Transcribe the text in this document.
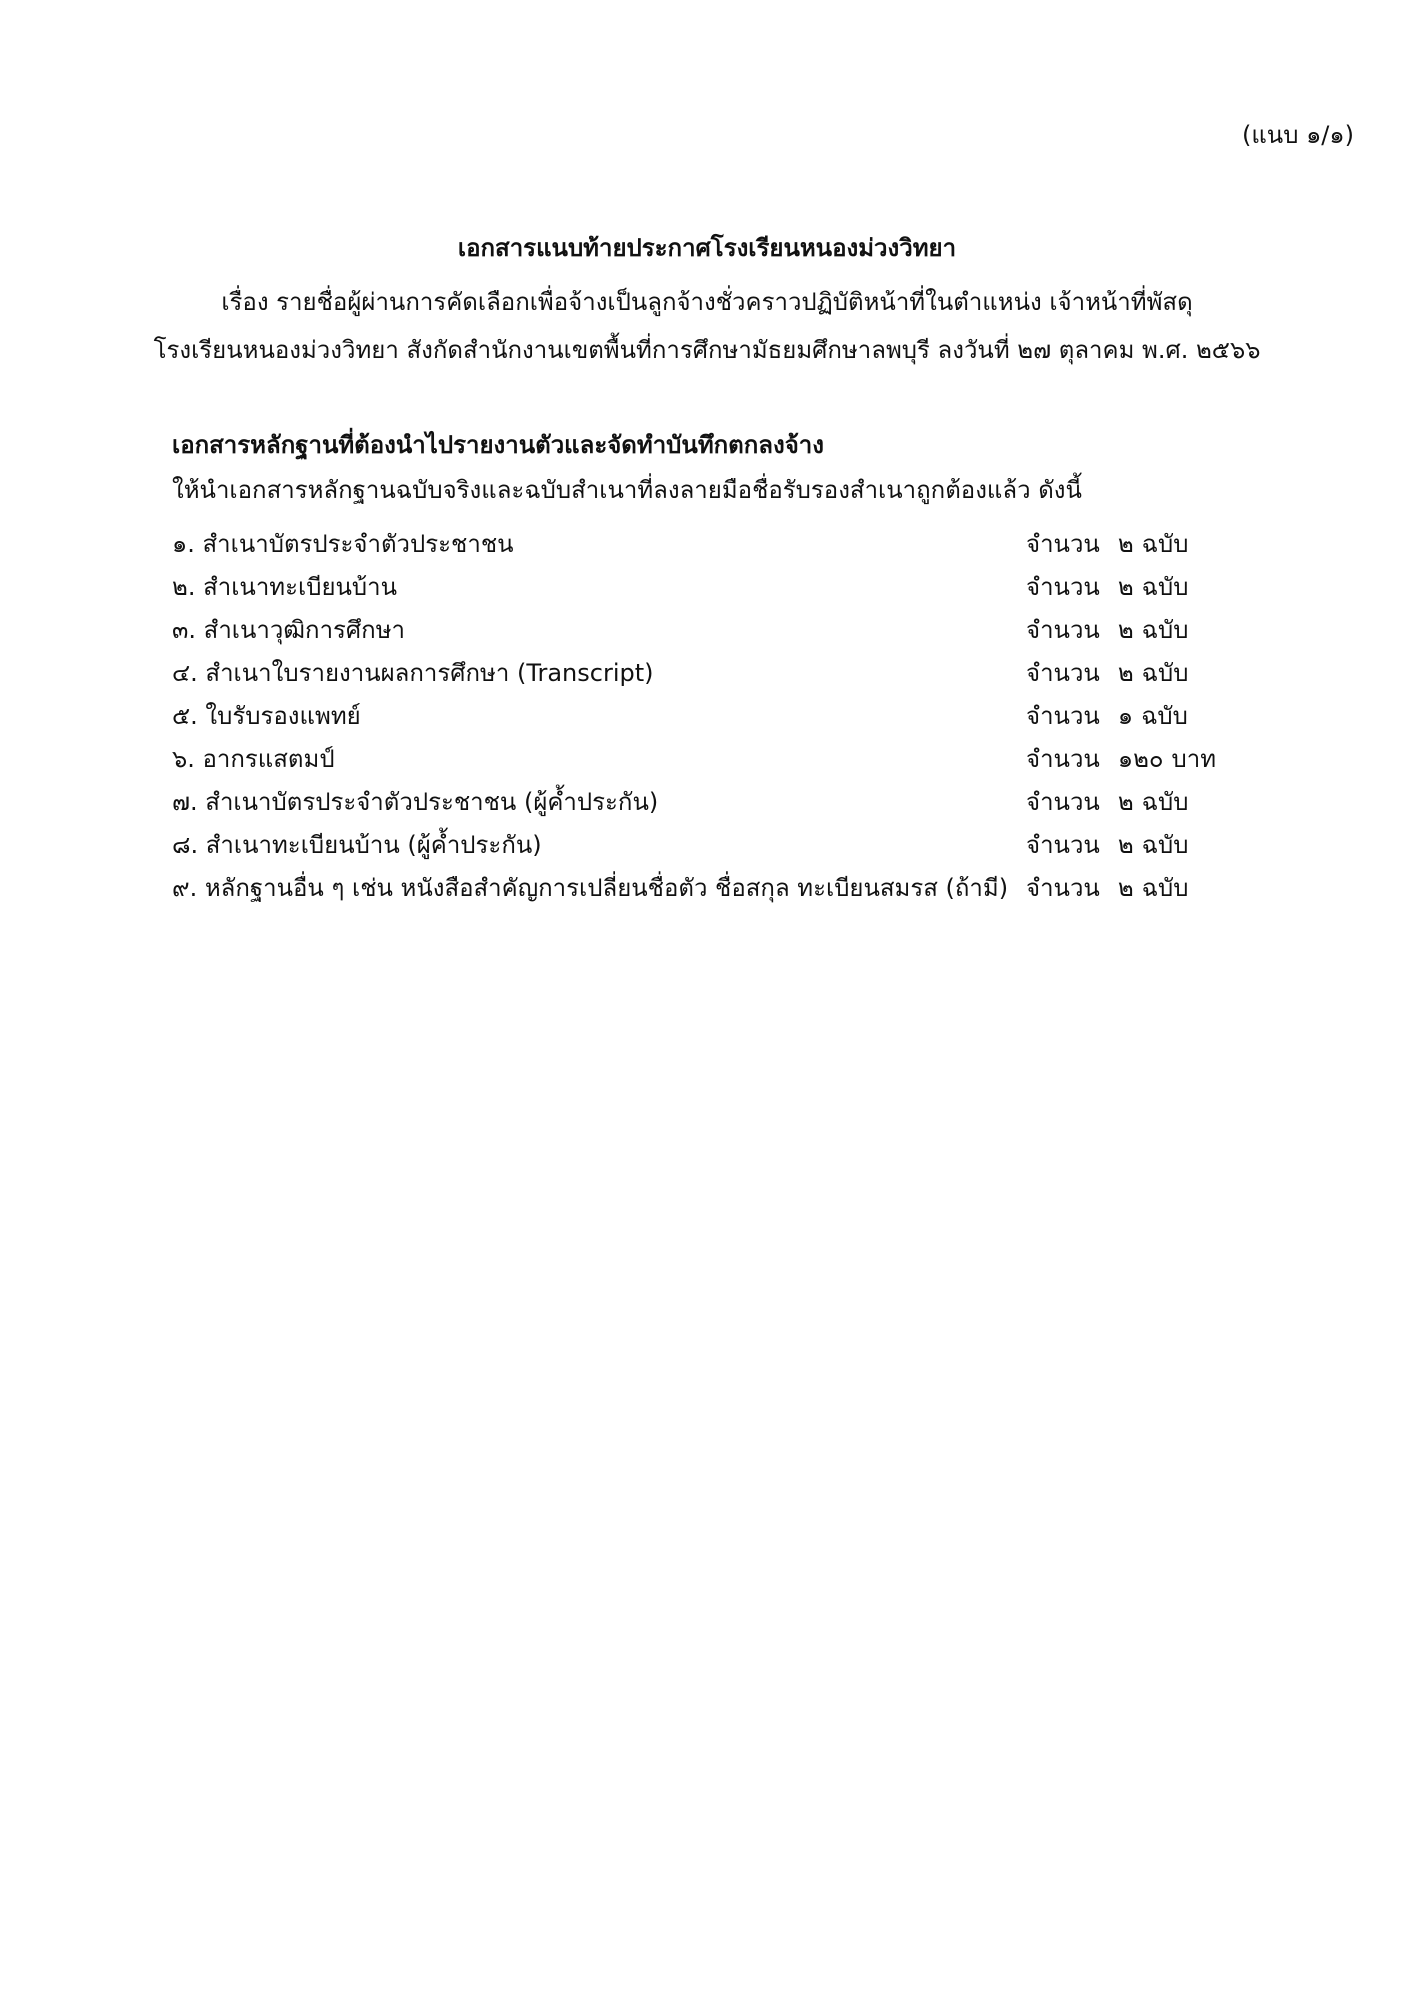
(แนบ ๑/๑)
เอกสารแนบท้ายประกาศโรงเรียนหนองม่วงวิทยา
เรื่อง รายชื่อผู้ผ่านการคัดเลือกเพื่อจ้างเป็นลูกจ้างชั่วคราวปฏิบัติหน้าที่ในตำแหน่ง เจ้าหน้าที่พัสดุ
โรงเรียนหนองม่วงวิทยา สังกัดสำนักงานเขตพื้นที่การศึกษามัธยมศึกษาลพบุรี ลงวันที่ ๒๗ ตุลาคม พ.ศ. ๒๕๖๖
เอกสารหลักฐานที่ต้องนำไปรายงานตัวและจัดทำบันทึกตกลงจ้าง
ให้นำเอกสารหลักฐานฉบับจริงและฉบับสำเนาที่ลงลายมือชื่อรับรองสำเนาถูกต้องแล้ว ดังนี้
๑. สำเนาบัตรประจำตัวประชาชน	จำนวน ๒ ฉบับ
๒. สำเนาทะเบียนบ้าน	จำนวน ๒ ฉบับ
๓. สำเนาวุฒิการศึกษา	จำนวน ๒ ฉบับ
๔. สำเนาใบรายงานผลการศึกษา (Transcript)	จำนวน ๒ ฉบับ
๕. ใบรับรองแพทย์	จำนวน ๑ ฉบับ
๖. อากรแสตมป์	จำนวน ๑๒๐ บาท
๗. สำเนาบัตรประจำตัวประชาชน (ผู้ค้ำประกัน)	จำนวน ๒ ฉบับ
๘. สำเนาทะเบียนบ้าน (ผู้ค้ำประกัน)	จำนวน ๒ ฉบับ
๙. หลักฐานอื่น ๆ เช่น หนังสือสำคัญการเปลี่ยนชื่อตัว ชื่อสกุล ทะเบียนสมรส (ถ้ามี) จำนวน ๒ ฉบับ
